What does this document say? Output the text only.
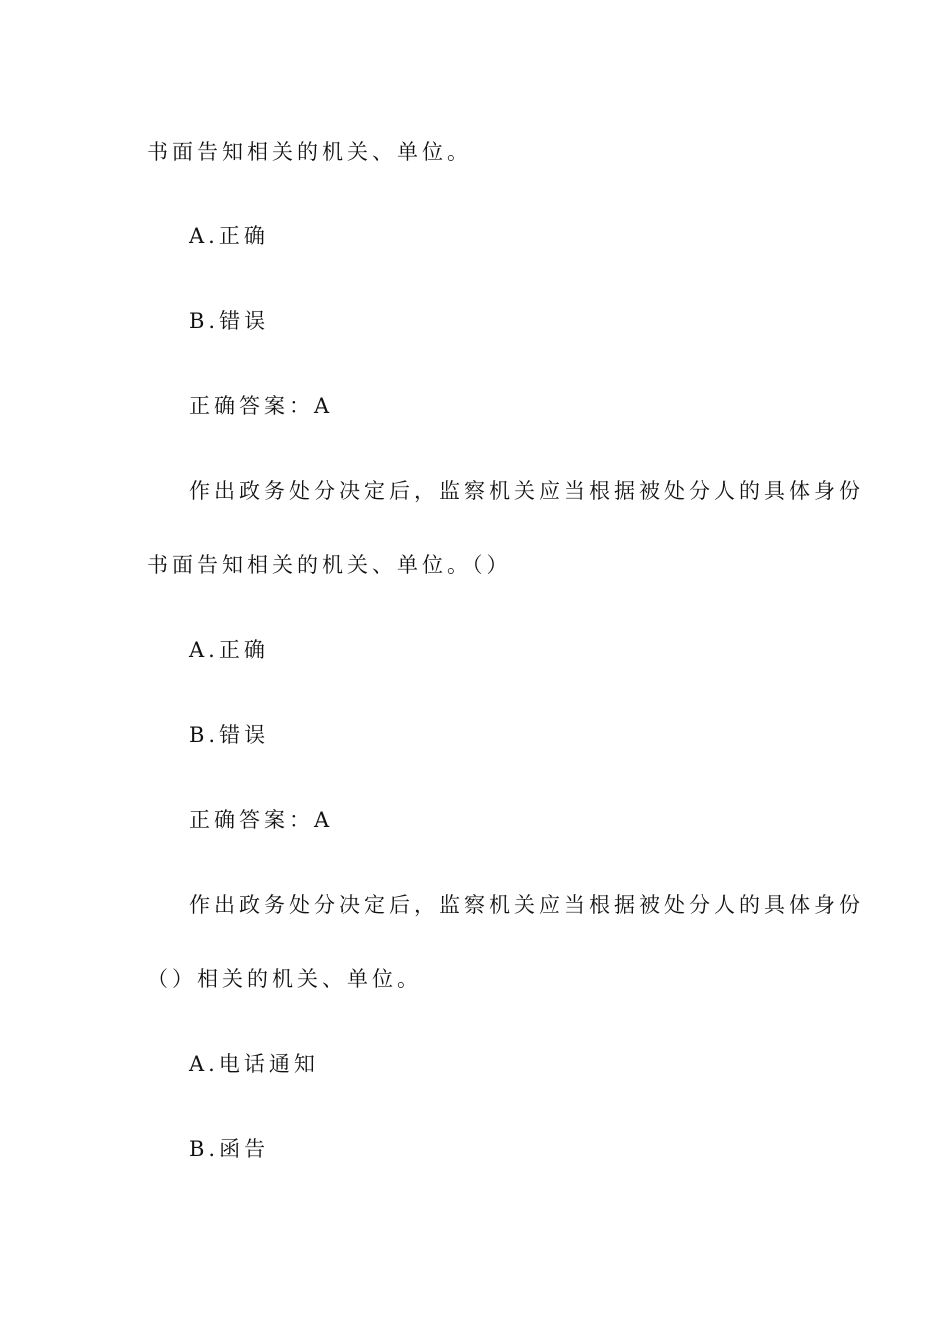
书面告知相关的机关、单位。
A.正确
B.错误
正确答案：A
作出政务处分决定后，监察机关应当根据被处分人的具体身份
书面告知相关的机关、单位。（）
A.正确
B.错误
正确答案：A
作出政务处分决定后，监察机关应当根据被处分人的具体身份
（）相关的机关、单位。
A.电话通知
B.函告
